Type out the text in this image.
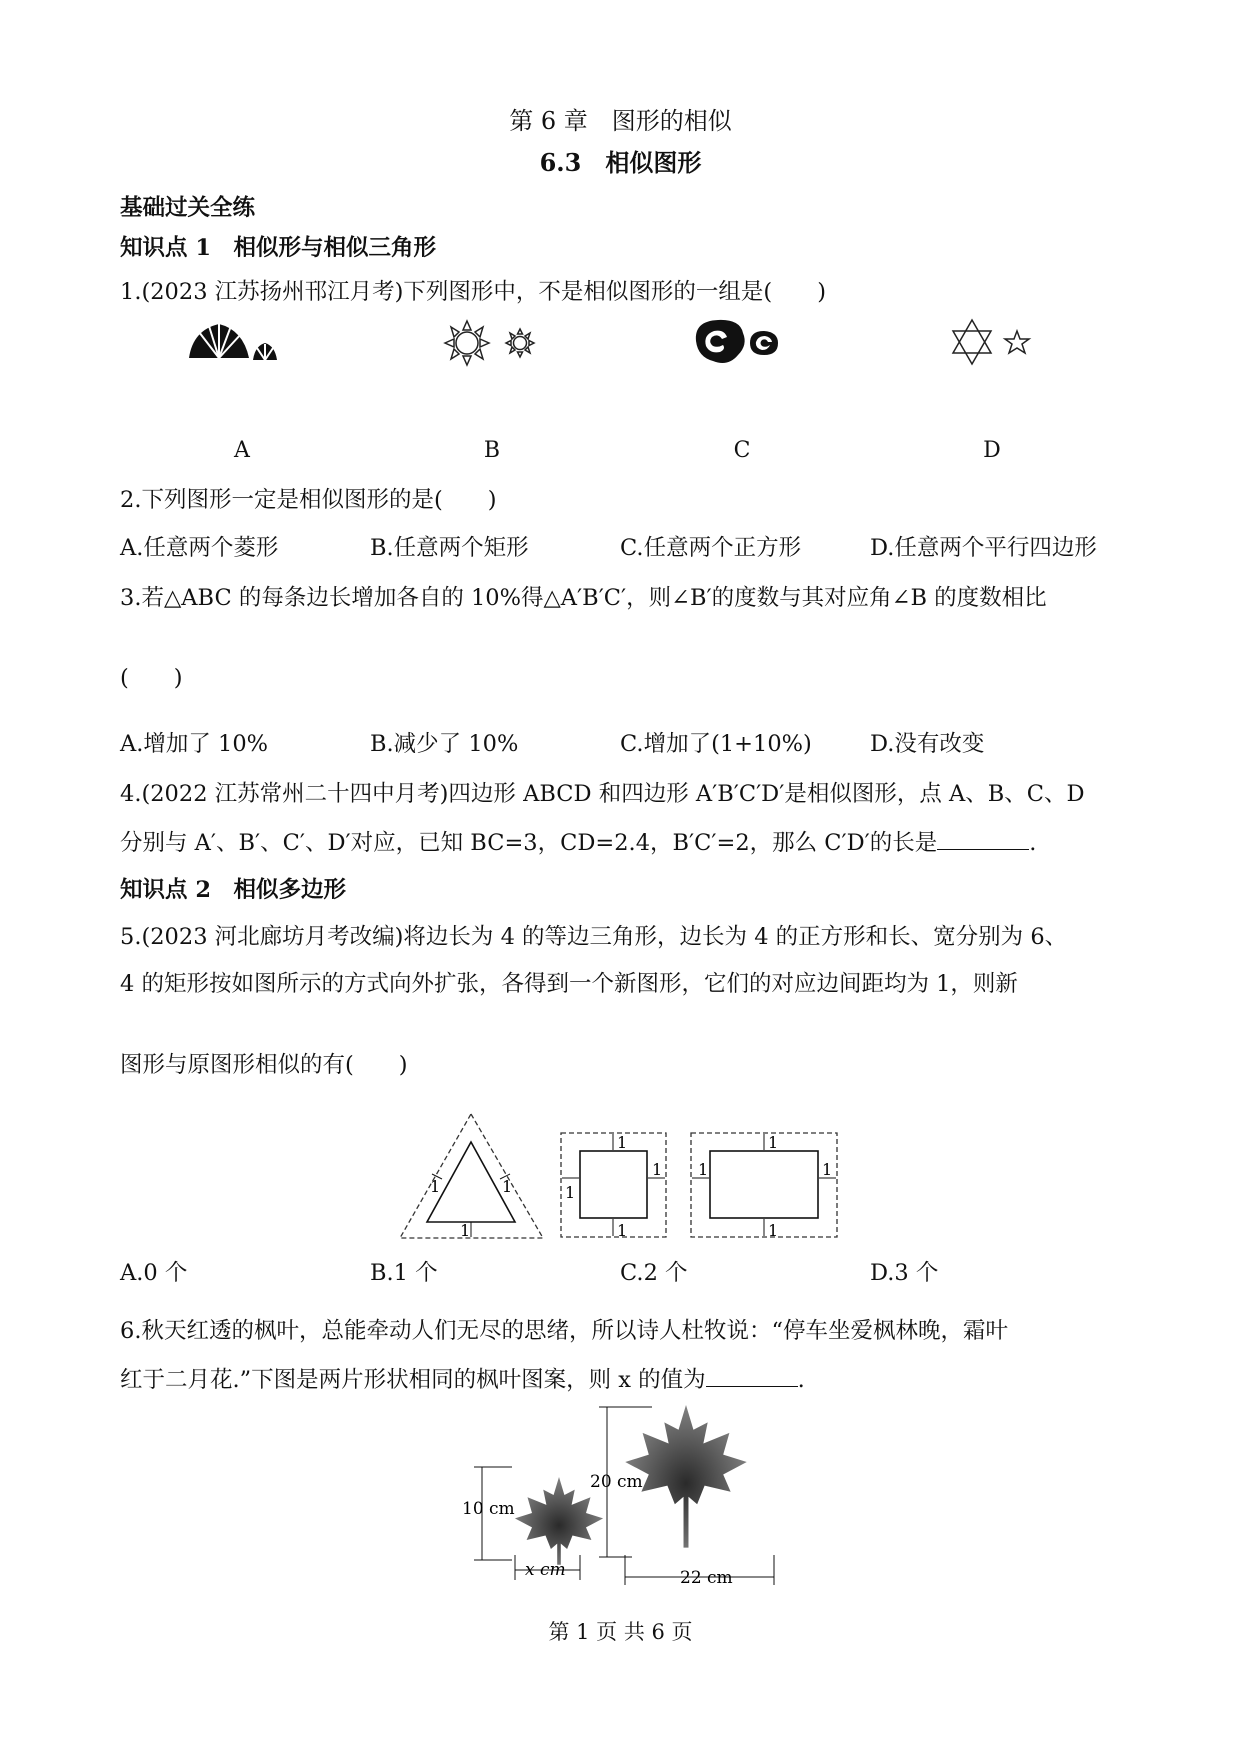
第 6 章　图形的相似
6.3　相似图形
基础过关全练
知识点 1　相似形与相似三角形
1.(2023 江苏扬州邗江月考)下列图形中，不是相似图形的一组是(　　)
A	B	C	D
2.下列图形一定是相似图形的是(　　)
A.任意两个菱形	B.任意两个矩形	C.任意两个正方形	D.任意两个平行四边形
3.若△ABC 的每条边长增加各自的 10%得△A′B′C′，则∠B′的度数与其对应角∠B 的度数相比
(　　)
A.增加了 10%	B.减少了 10%	C.增加了(1+10%)	D.没有改变
4.(2022 江苏常州二十四中月考)四边形 ABCD 和四边形 A′B′C′D′是相似图形，点 A、B、C、D
分别与 A′、B′、C′、D′对应，已知 BC=3，CD=2.4，B′C′=2，那么 C′D′的长是	.
知识点 2　相似多边形
5.(2023 河北廊坊月考改编)将边长为 4 的等边三角形，边长为 4 的正方形和长、宽分别为 6、
4 的矩形按如图所示的方式向外扩张，各得到一个新图形，它们的对应边间距均为 1，则新
图形与原图形相似的有(　　)
1	1
1
1
1
1
1
1
1
1	1
A.0 个	B.1 个	C.2 个	D.3 个
6.秋天红透的枫叶，总能牵动人们无尽的思绪，所以诗人杜牧说：“停车坐爱枫林晚，霜叶
红于二月花.”下图是两片形状相同的枫叶图案，则 x 的值为	.
10 cm
x cm
20 cm
22 cm
第 1 页 共 6 页
